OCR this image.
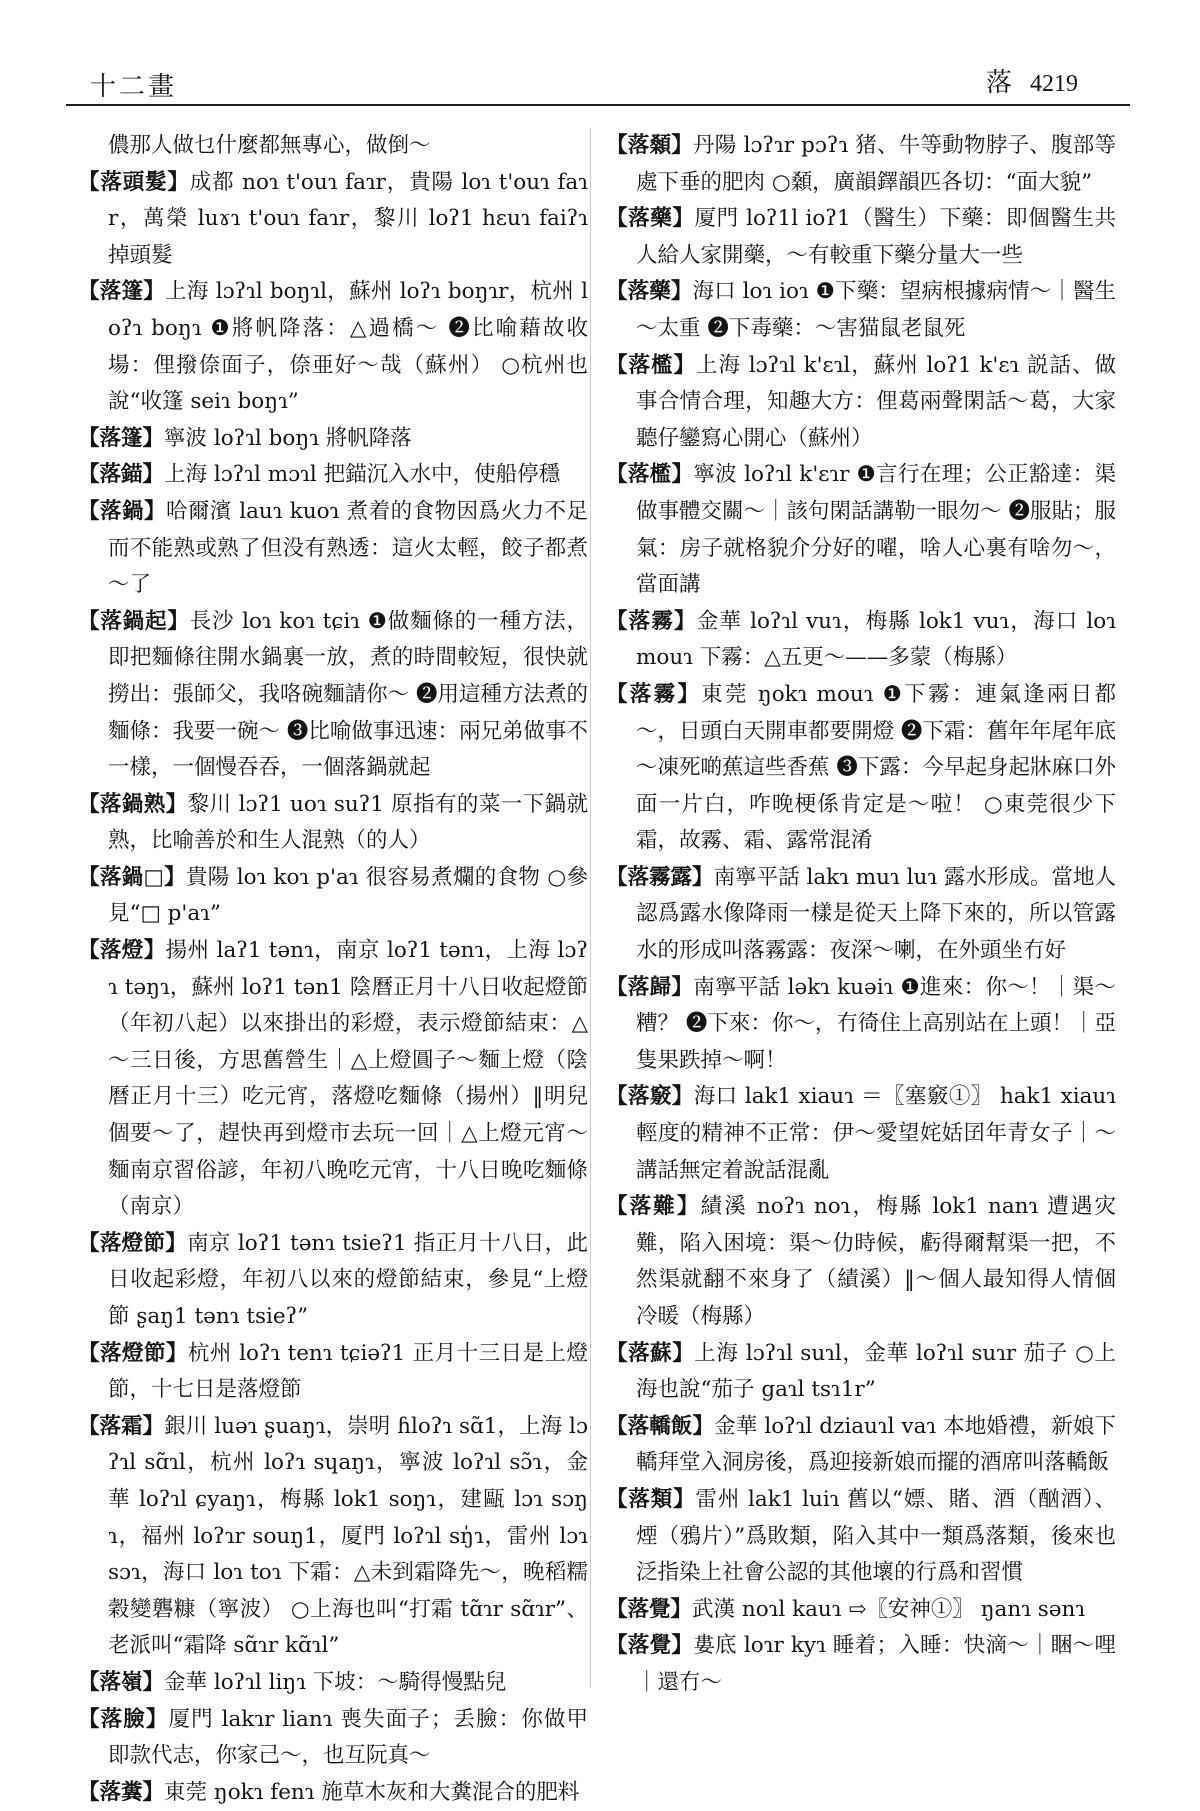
十二畫	落 4219

儂那人做乜什麼都無專心，做倒～

【落頭髮】成都 noɿ t'ouɿ faɿr，貴陽 loɿ t'ouɿ faɿr，萬榮 luɤɿ t'ouɿ faɿr，黎川 loʔ1 hɛuɿ faiʔɿ 掉頭髮

【落篷】上海 lɔʔɿl boŋɿl，蘇州 loʔɿ boŋɿr，杭州 loʔɿ boŋɿ ❶將帆降落：△過橋～ ❷比喻藉故收場：俚撥倷面子，倷亜好～哉（蘇州） ○杭州也說“收篷 seiɿ boŋɿ”

【落篷】寧波 loʔɿl boŋɿ 將帆降落

【落錨】上海 lɔʔɿl mɔɿl 把錨沉入水中，使船停穩

【落鍋】哈爾濱 lauɿ kuoɿ 煮着的食物因爲火力不足而不能熟或熟了但没有熟透：這火太輕，餃子都煮～了

【落鍋起】長沙 loɿ koɿ tɕiɿ ❶做麵條的一種方法，即把麵條往開水鍋裏一放，煮的時間較短，很快就撈出：張師父，我咯碗麵請你～ ❷用這種方法煮的麵條：我要一碗～ ❸比喻做事迅速：兩兄弟做事不一樣，一個慢吞吞，一個落鍋就起

【落鍋熟】黎川 lɔʔ1 uoɿ suʔ1 原指有的菜一下鍋就熟，比喻善於和生人混熟（的人）

【落鍋□】貴陽 loɿ koɿ p'aɿ 很容易煮爛的食物 ○參見“□ p'aɿ”

【落燈】揚州 laʔ1 tənɿ，南京 loʔ1 tənɿ，上海 lɔʔɿ təŋɿ，蘇州 loʔ1 tən1 陰曆正月十八日收起燈節（年初八起）以來掛出的彩燈，表示燈節結束：△～三日後，方思舊營生｜△上燈圓子～麵上燈（陰曆正月十三）吃元宵，落燈吃麵條（揚州）‖明兒個要～了，趕快再到燈市去玩一回｜△上燈元宵～麵南京習俗諺，年初八晚吃元宵，十八日晚吃麵條（南京）

【落燈節】南京 loʔ1 tənɿ tsieʔ1 指正月十八日，此日收起彩燈，年初八以來的燈節結束，參見“上燈節 ʂaŋ1 tənɿ tsieʔ”

【落燈節】杭州 loʔɿ tenɿ tɕiəʔ1 正月十三日是上燈節，十七日是落燈節

【落霜】銀川 luəɿ ʂuaŋɿ，崇明 ɦloʔɿ sɑ̃1，上海 lɔʔɿl sɑ̃ɿl，杭州 loʔɿ sɥaŋɿ，寧波 loʔɿl sɔ̃ɿ，金華 loʔɿl ɕyaŋɿ，梅縣 lok1 soŋɿ，建甌 lɔɿ sɔŋɿ，福州 loʔɿr souŋ1，厦門 loʔɿl sŋ̍ɿ，雷州 lɔɿ sɔɿ，海口 loɿ toɿ 下霜：△未到霜降先～，晚稻糯穀變礱糠（寧波） ○上海也叫“打霜 tɑ̃ɿr sɑ̃ɿr”、老派叫“霜降 sɑ̃ɿr kɑ̃ɿl”

【落嶺】金華 loʔɿl liŋɿ 下坡：～騎得慢點兒

【落臉】厦門 lakɿr lianɿ 喪失面子；丢臉：你做甲即款代志，你家己～，也互阮真～

【落糞】東莞 ŋokɿ fenɿ 施草木灰和大糞混合的肥料

【落顙】丹陽 lɔʔɿr pɔʔɿ 猪、牛等動物脖子、腹部等處下垂的肥肉 ○顙，廣韻鐸韻匹各切：“面大貌”

【落藥】厦門 loʔ1l ioʔ1（醫生）下藥：即個醫生共人給人家開藥，～有較重下藥分量大一些

【落藥】海口 loɿ ioɿ ❶下藥：望病根據病情～｜醫生～太重 ❷下毒藥：～害猫鼠老鼠死

【落檻】上海 lɔʔɿl k'ɛɿl，蘇州 loʔ1 k'ɛɿ 説話、做事合情合理，知趣大方：俚葛兩聲閑話～葛，大家聽仔鑾寫心開心（蘇州）

【落檻】寧波 loʔɿl k'ɛɿr ❶言行在理；公正豁達：渠做事體交關～｜該句閑話講勒一眼勿～ ❷服貼；服氣：房子就格貌介分好的嚁，啥人心裏有啥勿～，當面講

【落霧】金華 loʔɿl vuɿ，梅縣 lok1 vuɿ，海口 loɿ mouɿ 下霧：△五更～——多蒙（梅縣）

【落霧】東莞 ŋokɿ mouɿ ❶下霧：連氣逢兩日都～，日頭白天開車都要開燈 ❷下霜：舊年年尾年底～凍死啲蕉這些香蕉 ❸下露：今早起身起牀麻口外面一片白，咋晚梗係肯定是～啦！ ○東莞很少下霜，故霧、霜、露常混淆

【落霧露】南寧平話 lakɿ muɿ luɿ 露水形成。當地人認爲露水像降雨一樣是從天上降下來的，所以管露水的形成叫落霧露：夜深～喇，在外頭坐冇好

【落歸】南寧平話 ləkɿ kuəiɿ ❶進來：你～！｜渠～糟？ ❷下來：你～，冇徛住上高别站在上頭！｜亞隻果跌掉～啊！

【落竅】海口 lak1 xiauɿ ＝〖塞竅①〗 hak1 xiauɿ 輕度的精神不正常：伊～愛望姹姡囝年青女子｜～講話無定着說話混亂

【落難】績溪 noʔɿ noɿ，梅縣 lok1 nanɿ 遭遇灾難，陷入困境：渠～仂時候，虧得爾幫渠一把，不然渠就翻不來身了（績溪）‖～個人最知得人情個冷暖（梅縣）

【落蘇】上海 lɔʔɿl suɿl，金華 loʔɿl suɿr 茄子 ○上海也說“茄子 gaɿl tsɿ1r”

【落轎飯】金華 loʔɿl dziauɿl vaɿ 本地婚禮，新娘下轎拜堂入洞房後，爲迎接新娘而擺的酒席叫落轎飯

【落類】雷州 lak1 luiɿ 舊以“嫖、賭、酒（酗酒）、煙（鴉片）”爲敗類，陷入其中一類爲落類，後來也泛指染上社會公認的其他壞的行爲和習慣

【落覺】武漢 noɿl kauɿ ⇨〖安神①〗 ŋanɿ sənɿ

【落覺】婁底 loɿr kyɿ 睡着；入睡：快滴～｜睏～哩｜還冇～
